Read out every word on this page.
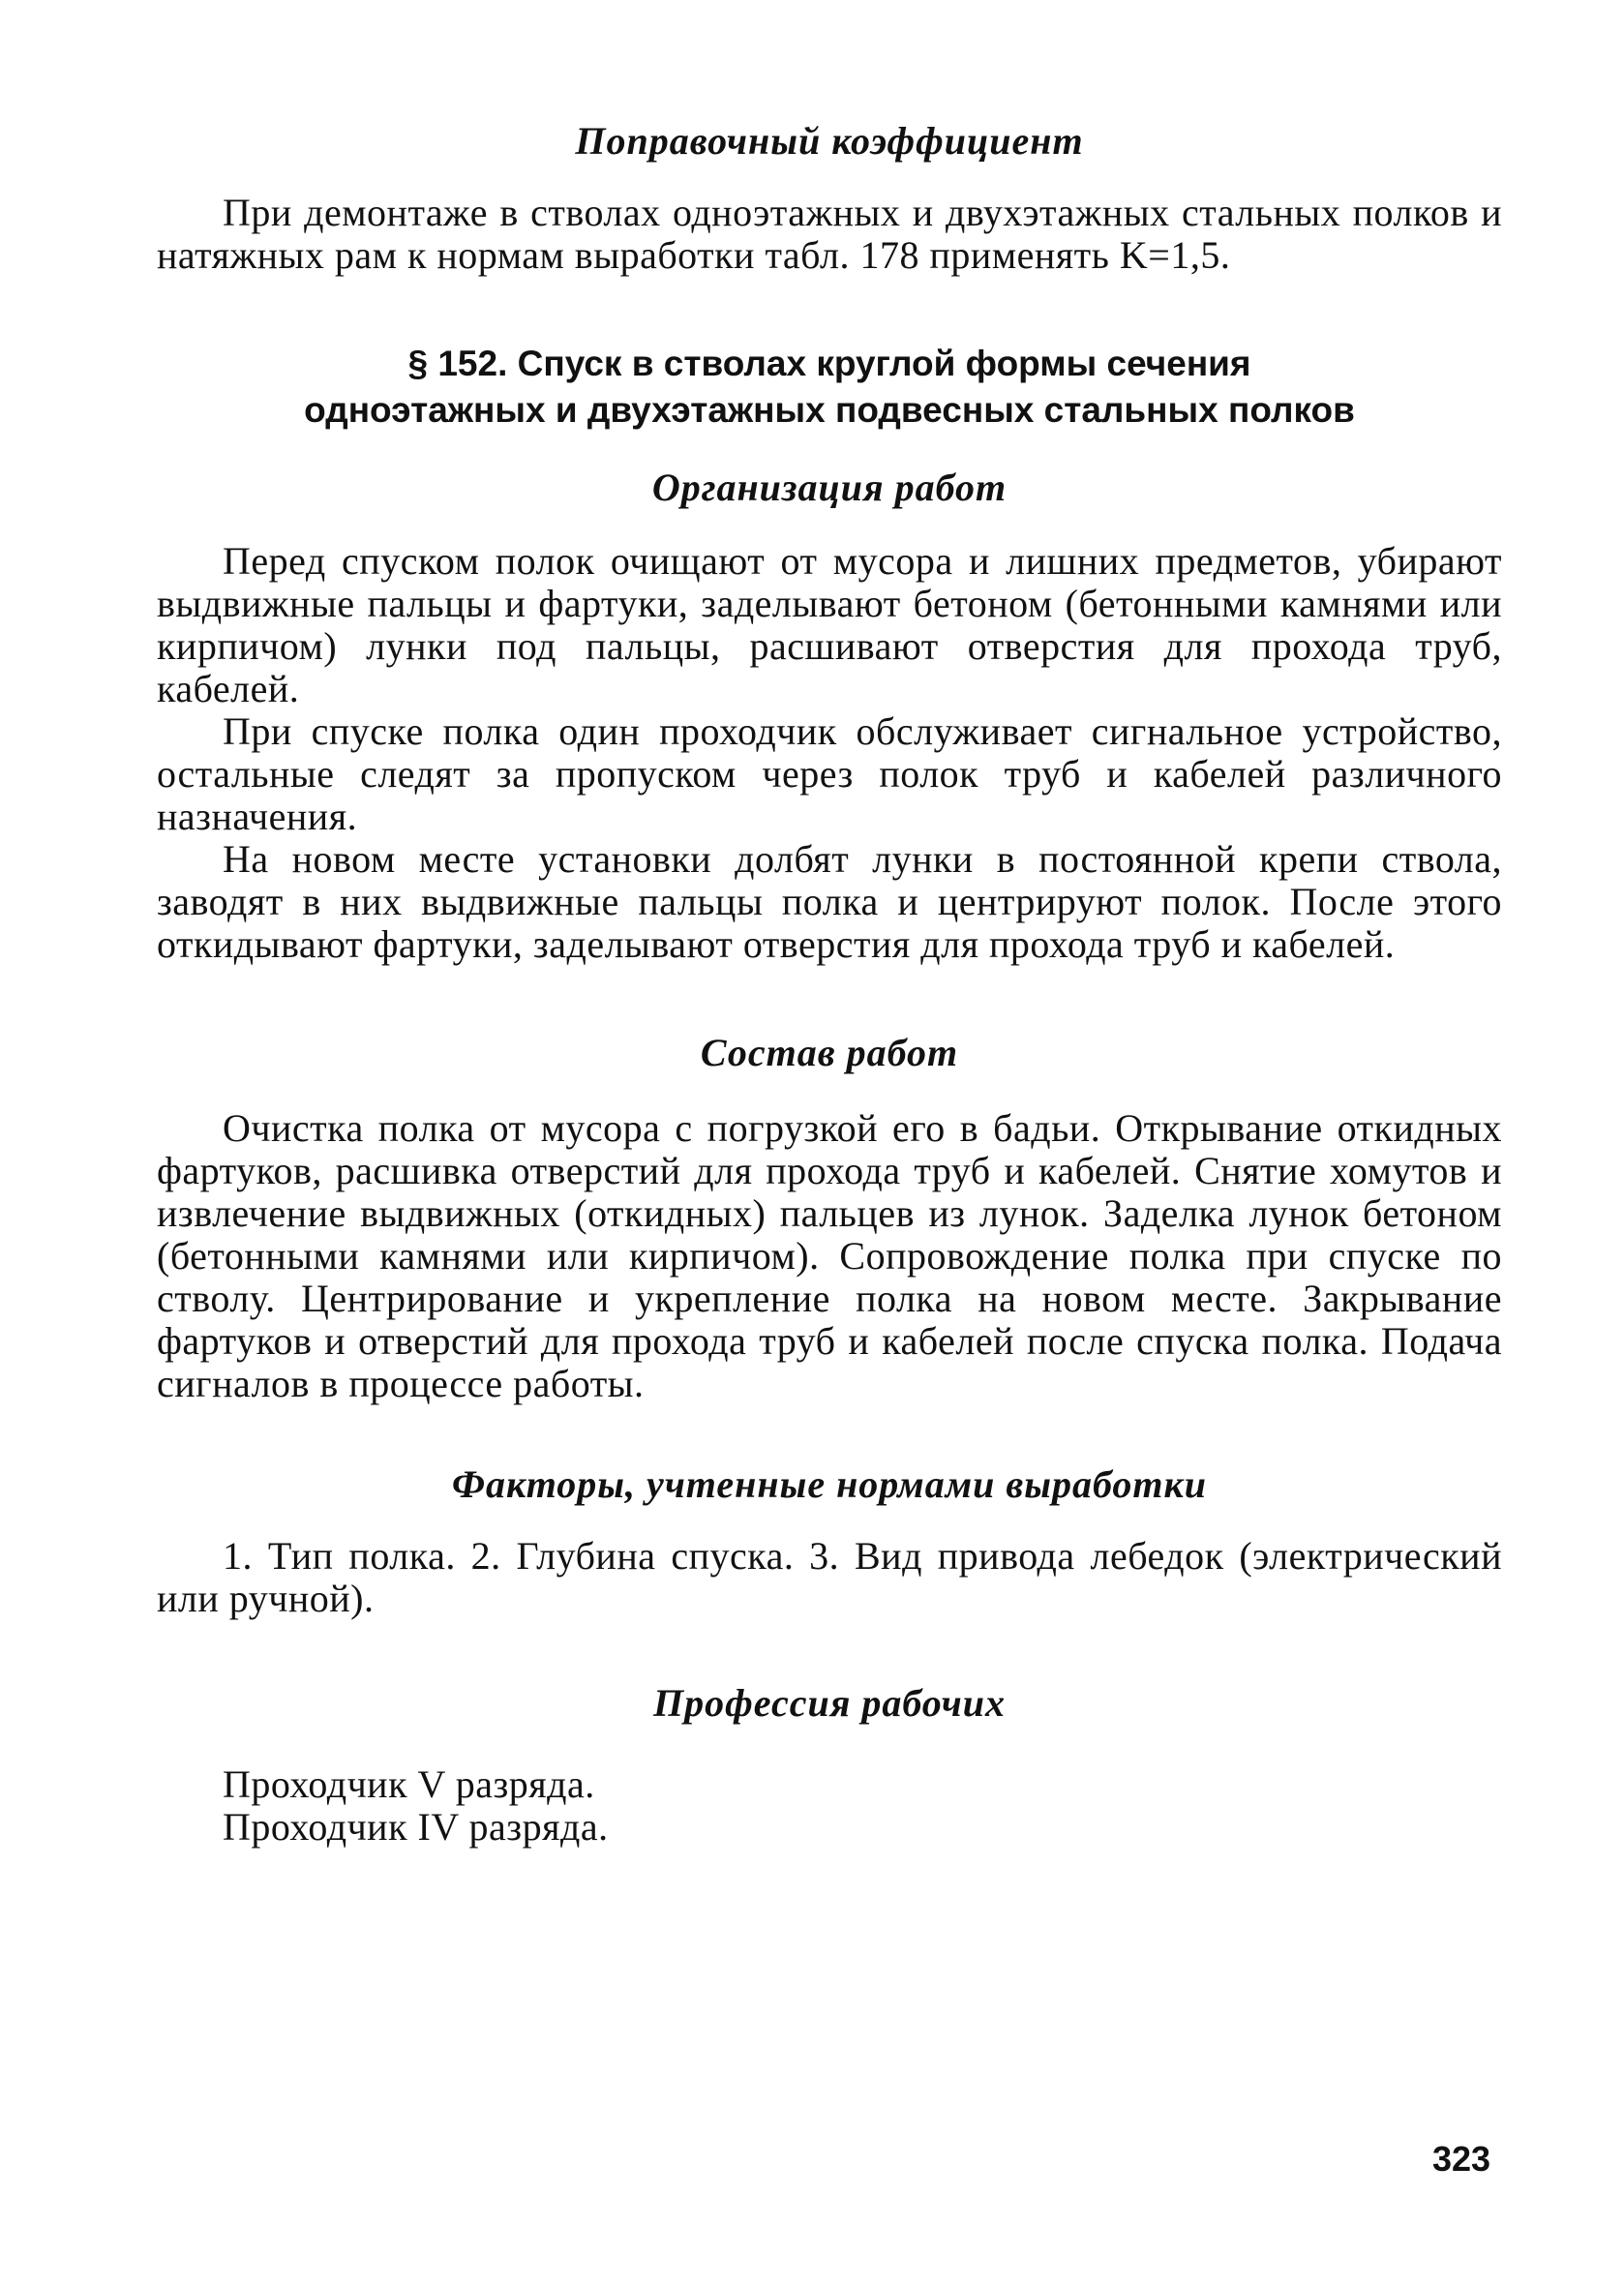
Поправочный коэффициент

При демонтаже в стволах одноэтажных и двухэтажных стальных полков и натяжных рам к нормам выработки табл. 178 применять K=1,5.

§ 152. Спуск в стволах круглой формы сечения
одноэтажных и двухэтажных подвесных стальных полков
Организация работ

Перед спуском полок очищают от мусора и лишних предметов, убирают выдвижные пальцы и фартуки, заделывают бетоном (бетонными камнями или кирпичом) лунки под пальцы, расшивают отверстия для прохода труб, кабелей.

При спуске полка один проходчик обслуживает сигнальное устройство, остальные следят за пропуском через полок труб и кабелей различного назначения.

На новом месте установки долбят лунки в постоянной крепи ствола, заводят в них выдвижные пальцы полка и центрируют полок. После этого откидывают фартуки, заделывают отверстия для прохода труб и кабелей.

Состав работ

Очистка полка от мусора с погрузкой его в бадьи. Открывание откидных фартуков, расшивка отверстий для прохода труб и кабелей. Снятие хомутов и извлечение выдвижных (откидных) пальцев из лунок. Заделка лунок бетоном (бетонными камнями или кирпичом). Сопровождение полка при спуске по стволу. Центрирование и укрепление полка на новом месте. Закрывание фартуков и отверстий для прохода труб и кабелей после спуска полка. Подача сигналов в процессе работы.

Факторы, учтенные нормами выработки

1. Тип полка. 2. Глубина спуска. 3. Вид привода лебедок (электрический или ручной).

Профессия рабочих

Проходчик V разряда.

Проходчик IV разряда.

323
